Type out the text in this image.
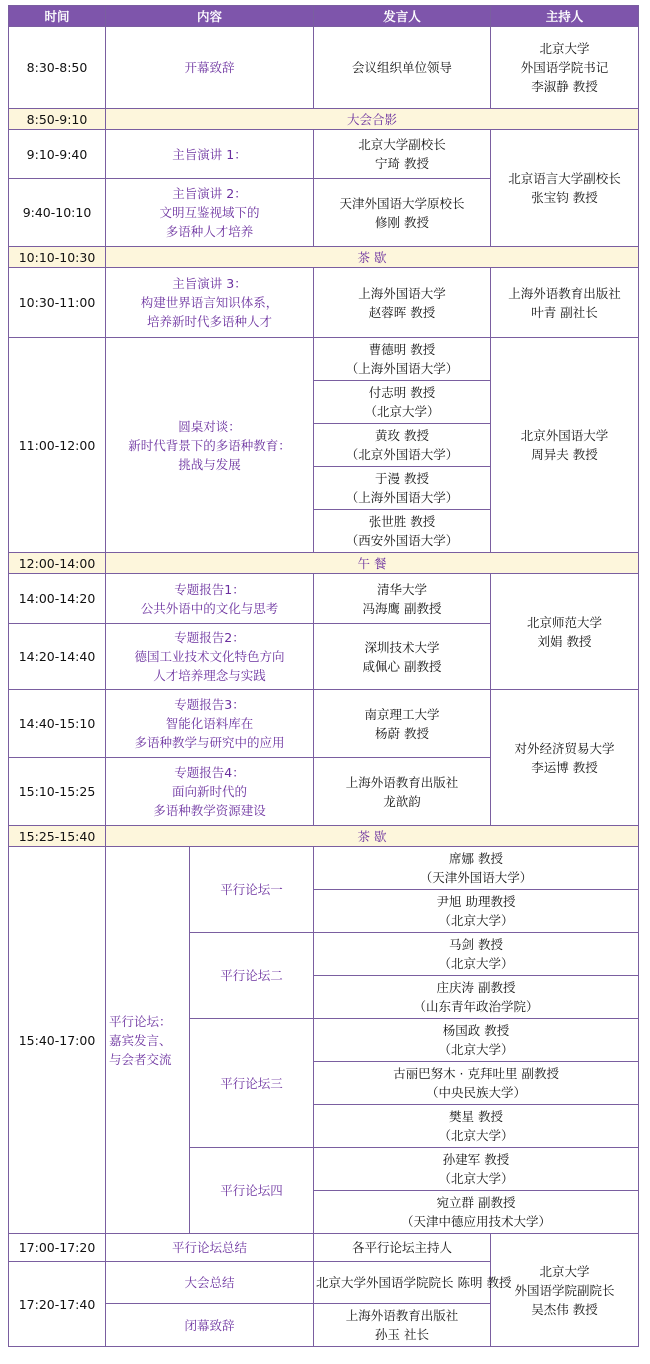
时间	内容		发言人	主持人
8:30-8:50	开幕致辞		会议组织单位领导	北京大学
外国语学院书记
李淑静 教授
8:50-9:10	大会合影			
9:10-9:40	主旨演讲 1：		北京大学副校长
宁琦 教授	北京语言大学副校长
张宝钧 教授
9:40-10:10	主旨演讲 2：
文明互鉴视域下的
多语种人才培养		天津外国语大学原校长
修刚 教授	
10:10-10:30	茶 歇			
10:30-11:00	主旨演讲 3：
构建世界语言知识体系，
培养新时代多语种人才		上海外国语大学
赵蓉晖 教授	上海外语教育出版社
叶青 副社长
11:00-12:00	圆桌对谈：
新时代背景下的多语种教育：
挑战与发展		曹德明 教授
（上海外国语大学）	北京外国语大学
周异夫 教授
			付志明 教授
（北京大学）	
			黄玫 教授
（北京外国语大学）	
			于漫 教授
（上海外国语大学）	
			张世胜 教授
（西安外国语大学）	
12:00-14:00	午 餐			
14:00-14:20	专题报告1：
公共外语中的文化与思考		清华大学
冯海鹰 副教授	北京师范大学
刘娟 教授
14:20-14:40	专题报告2：
德国工业技术文化特色方向
人才培养理念与实践		深圳技术大学
咸佩心 副教授	
14:40-15:10	专题报告3：
智能化语料库在
多语种教学与研究中的应用		南京理工大学
杨蔚 教授	对外经济贸易大学
李运博 教授
15:10-15:25	专题报告4：
面向新时代的
多语种教学资源建设		上海外语教育出版社
龙歆韵	
15:25-15:40	茶 歇			
15:40-17:00	平行论坛：
嘉宾发言、
与会者交流	平行论坛一	席娜 教授
（天津外国语大学）	
			尹旭 助理教授
（北京大学）	
		平行论坛二	马剑 教授
（北京大学）	
			庄庆涛 副教授
（山东青年政治学院）	
		平行论坛三	杨国政 教授
（北京大学）	
			古丽巴努木 · 克拜吐里 副教授
（中央民族大学）	
			樊星 教授
（北京大学）	
		平行论坛四	孙建军 教授
（北京大学）	
			宛立群 副教授
（天津中德应用技术大学）	
17:00-17:20	平行论坛总结		各平行论坛主持人	北京大学
外国语学院副院长
吴杰伟 教授
17:20-17:40	大会总结		北京大学外国语学院院长 陈明 教授	
	闭幕致辞		上海外语教育出版社
孙玉 社长	
